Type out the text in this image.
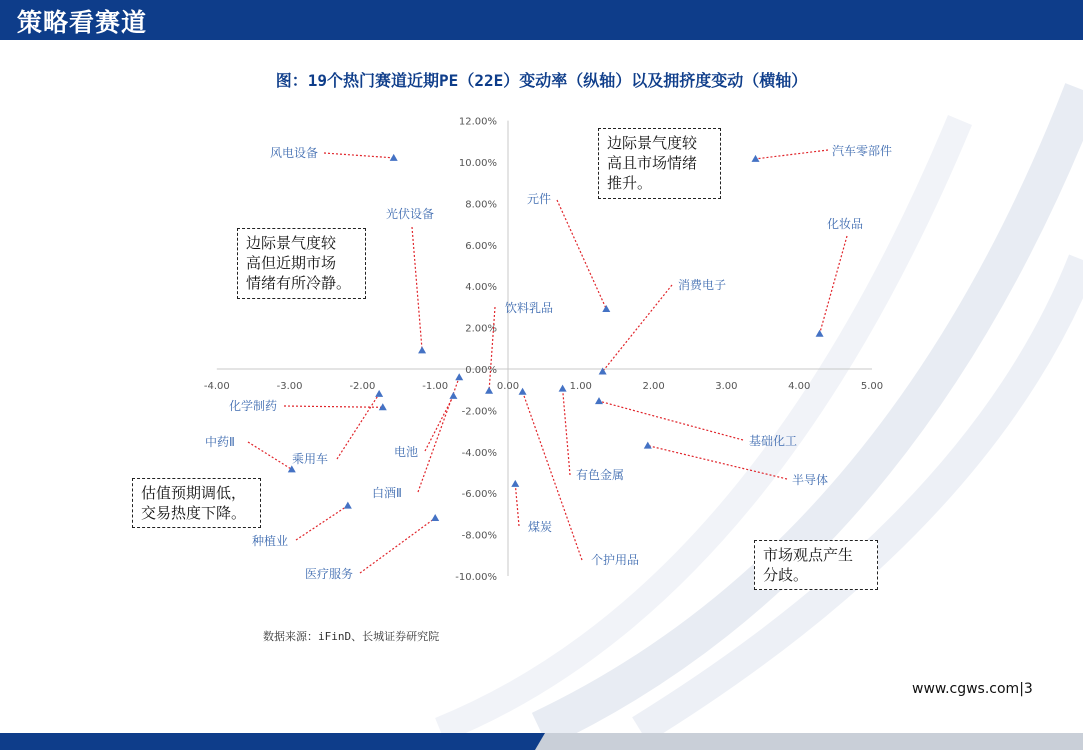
策略看赛道
图：19个热门赛道近期PE（22E）变动率（纵轴）以及拥挤度变动（横轴）
-4.00	-3.00	-2.00	-1.00	0.00	1.00	2.00	3.00	4.00	5.00
12.00%
10.00%
8.00%
6.00%
4.00%
2.00%
0.00%
-2.00%
-4.00%
-6.00%
-8.00%
-10.00%
风电设备	汽车零部件
光伏设备
元件
化妆品
消费电子
饮料乳品
化学制药
中药Ⅱ
乘用车	电池
白酒Ⅱ
种植业
医疗服务
煤炭
个护用品
有色金属
基础化工
半导体
边际景气度较
高且市场情绪
推升。
边际景气度较
高但近期市场
情绪有所冷静。
估值预期调低，
交易热度下降。
市场观点产生
分歧。
数据来源：iFinD、长城证券研究院
www.cgws.com|3
